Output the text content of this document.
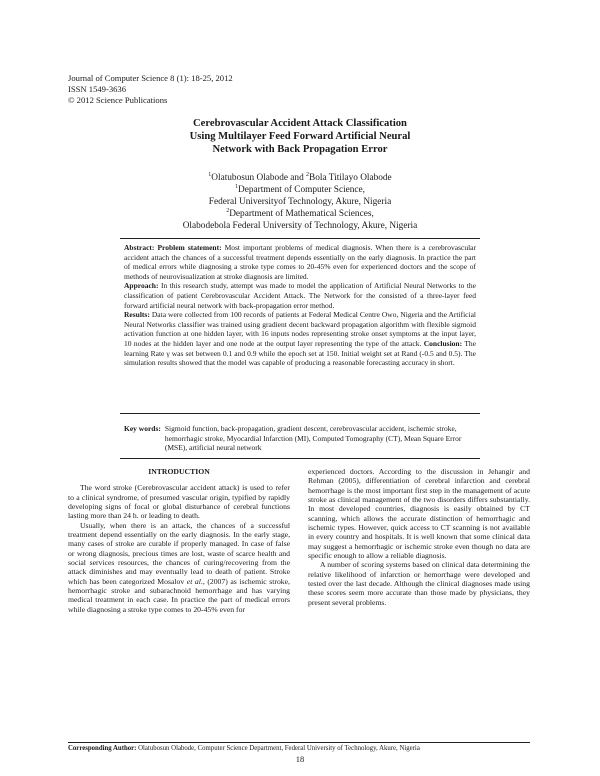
Journal of Computer Science 8 (1): 18-25, 2012
ISSN 1549-3636
© 2012 Science Publications
Cerebrovascular Accident Attack Classification
Using Multilayer Feed Forward Artificial Neural
Network with Back Propagation Error
$^1$Olatubosun Olabode and $^2$Bola Titilayo Olabode
$^1$Department of Computer Science,
Federal Universityof Technology, Akure, Nigeria
$^2$Department of Mathematical Sciences,
Olabodebola Federal University of Technology, Akure, Nigeria

Abstract: Problem statement: Most important problems of medical diagnosis. When there is a cerebrovascular accident attach the chances of a successful treatment depends essentially on the early diagnosis. In practice the part of medical errors while diagnosing a stroke type comes to 20-45% even for experienced doctors and the scope of methods of neurovisualization at stroke diagnosis are limited.

Approach: In this research study, attempt was made to model the application of Artificial Neural Networks to the classification of patient Cerebrovascular Accident Attack. The Network for the consisted of a three-layer feed forward artificial neural network with back-propagation error method.

Results: Data were collected from 100 records of patients at Federal Medical Centre Owo, Nigeria and the Artificial Neural Networks classifier was trained using gradient decent backward propagation algorithm with flexible sigmoid activation function at one hidden layer, with 16 inputs nodes representing stroke onset symptoms at the input layer, 10 nodes at the hidden layer and one node at the output layer representing the type of the attack. Conclusion: The learning Rate γ was set between 0.1 and 0.9 while the epoch set at 150. Initial weight set at Rand (-0.5 and 0.5). The simulation results showed that the model was capable of producing a reasonable forecasting accuracy in short.

Key words: Sigmoid function, back-propagation, gradient descent, cerebrovascular accident, ischemic stroke, hemorrhagic stroke, Myocardial Infarction (MI), Computed Tomography (CT), Mean Square Error (MSE), artificial neural network

INTRODUCTION

The word stroke (Cerebrovascular accident attack) is used to refer to a clinical syndrome, of presumed vascular origin, typified by rapidly developing signs of focal or global disturbance of cerebral functions lasting more than 24 h. or leading to death.

Usually, when there is an attack, the chances of a successful treatment depend essentially on the early diagnosis. In the early stage, many cases of stroke are curable if properly managed. In case of false or wrong diagnosis, precious times are lost, waste of scarce health and social services resources, the chances of curing/recovering from the attack diminishes and may eventually lead to death of patient. Stroke which has been categorized Mosalov et al., (2007) as ischemic stroke, hemorrhagic stroke and subarachnoid hemorrhage and has varying medical treatment in each case. In practice the part of medical errors while diagnosing a stroke type comes to 20-45% even for

experienced doctors. According to the discussion in Jehangir and Rehman (2005), differentiation of cerebral infarction and cerebral hemorrhage is the most important first step in the management of acute stroke as clinical management of the two disorders differs substantially. In most developed countries, diagnosis is easily obtained by CT scanning, which allows the accurate distinction of hemorrhagic and ischemic types. However, quick access to CT scanning is not available in every country and hospitals. It is well known that some clinical data may suggest a hemorrhagic or ischemic stroke even though no data are specific enough to allow a reliable diagnosis.

A number of scoring systems based on clinical data determining the relative likelihood of infarction or hemorrhage were developed and tested over the last decade. Although the clinical diagnoses made using these scores seem more accurate than those made by physicians, they present several problems.

Corresponding Author: Olatubosun Olabode, Computer Science Department, Federal University of Technology, Akure, Nigeria
18
